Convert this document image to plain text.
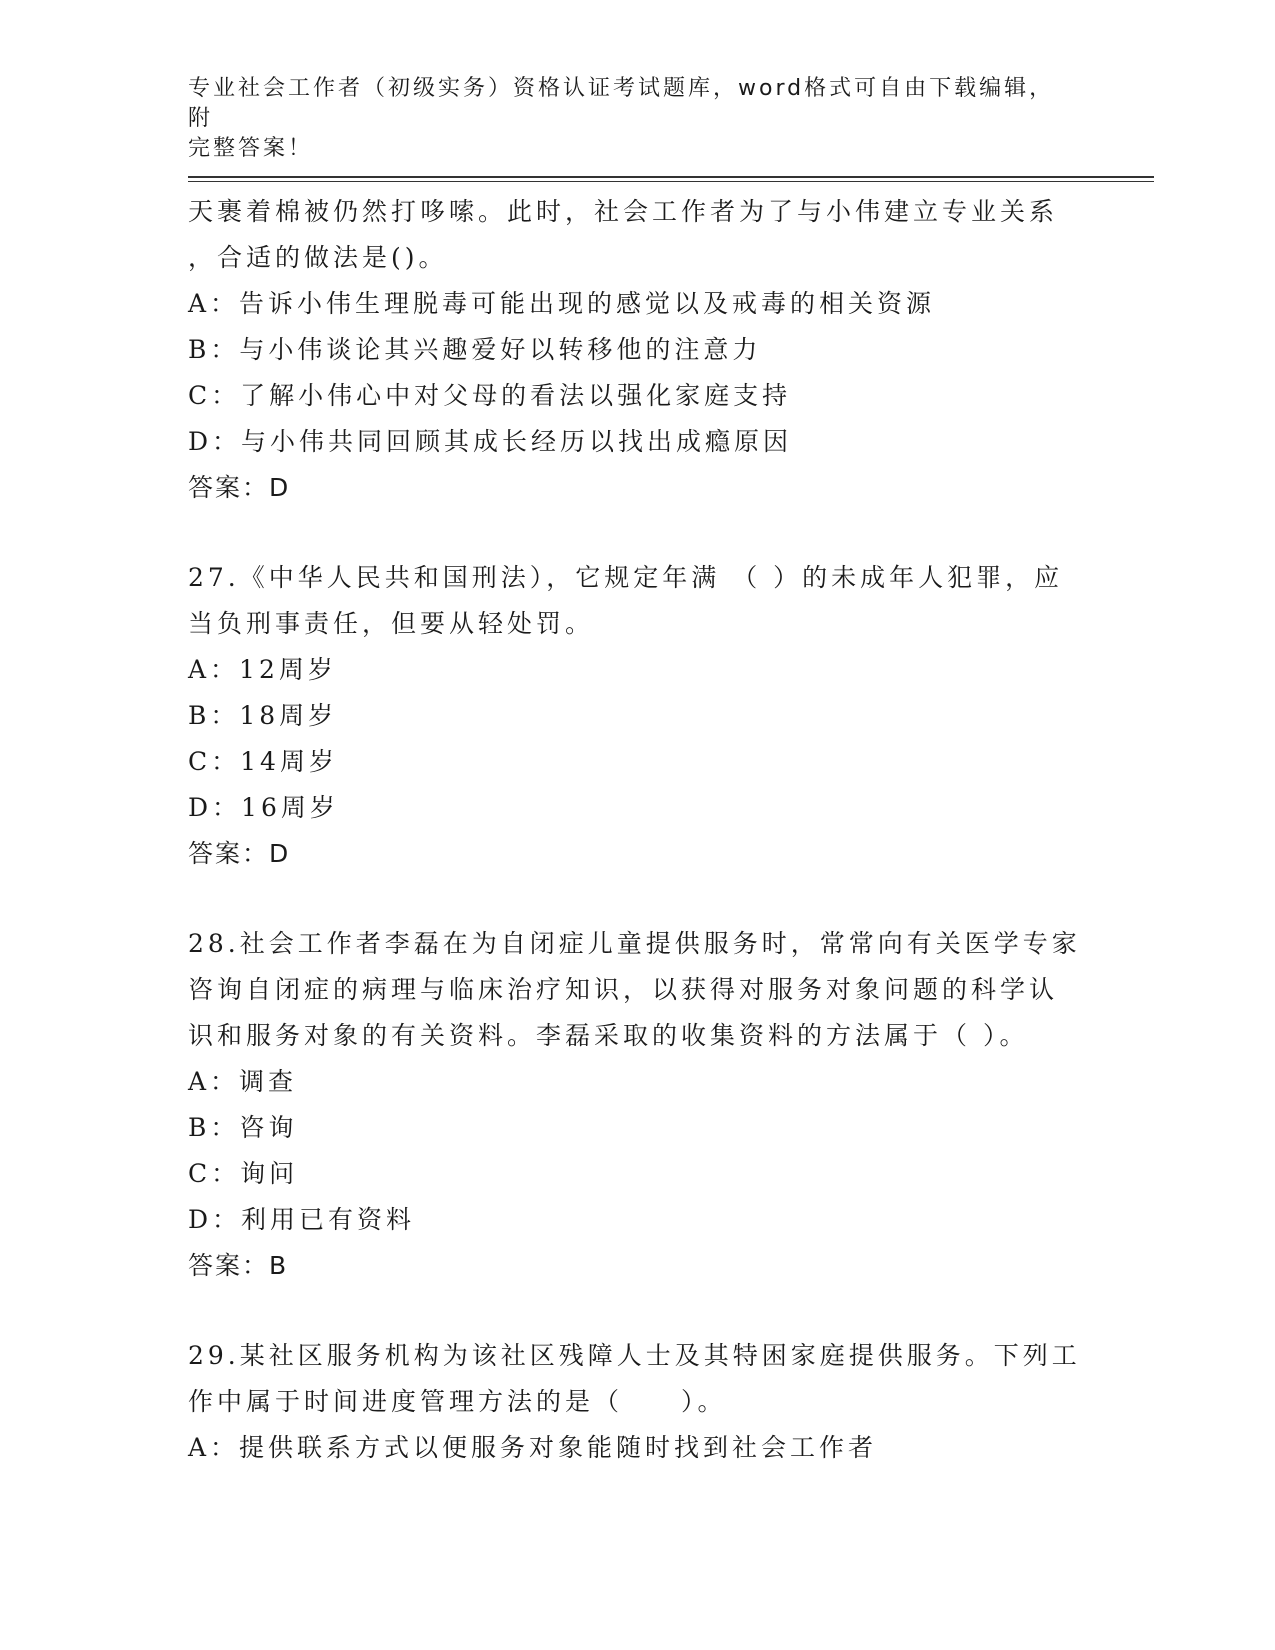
专业社会工作者（初级实务）资格认证考试题库，word格式可自由下载编辑，附
完整答案！
天裹着棉被仍然打哆嗦。此时，社会工作者为了与小伟建立专业关系
，合适的做法是()。
A：告诉小伟生理脱毒可能出现的感觉以及戒毒的相关资源
B：与小伟谈论其兴趣爱好以转移他的注意力
C：了解小伟心中对父母的看法以强化家庭支持
D：与小伟共同回顾其成长经历以找出成瘾原因
答案：D
27.《中华人民共和国刑法），它规定年满 （ ）的未成年人犯罪，应
当负刑事责任，但要从轻处罚。
A：12周岁
B：18周岁
C：14周岁
D：16周岁
答案：D
28.社会工作者李磊在为自闭症儿童提供服务时，常常向有关医学专家
咨询自闭症的病理与临床治疗知识，以获得对服务对象问题的科学认
识和服务对象的有关资料。李磊采取的收集资料的方法属于（ ）。
A：调查
B：咨询
C：询问
D：利用已有资料
答案：B
29.某社区服务机构为该社区残障人士及其特困家庭提供服务。下列工
作中属于时间进度管理方法的是（　　）。
A：提供联系方式以便服务对象能随时找到社会工作者
